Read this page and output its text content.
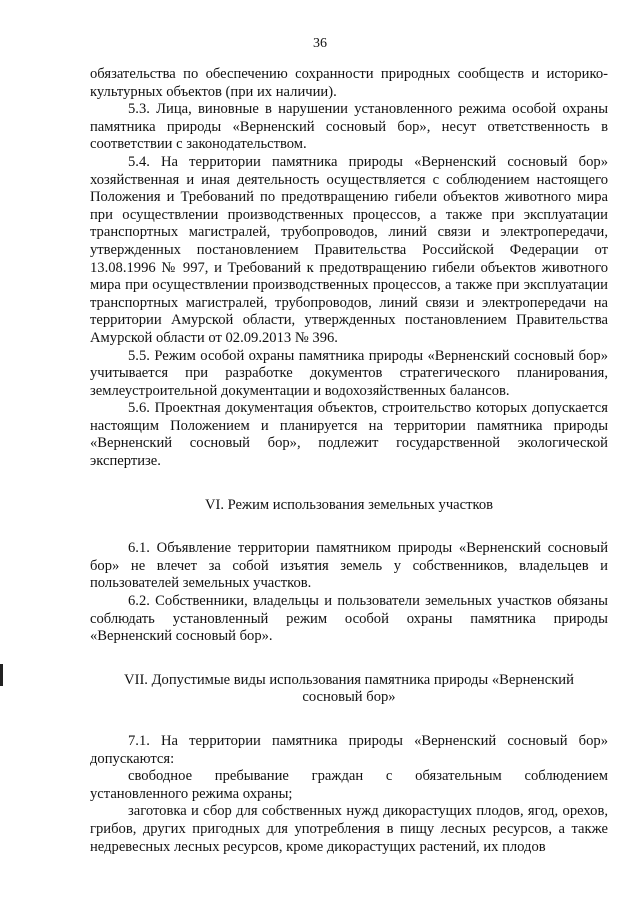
36

обязательства по обеспечению сохранности природных сообществ и историко-культурных объектов (при их наличии).

5.3. Лица, виновные в нарушении установленного режима особой охраны памятника природы «Верненский сосновый бор», несут ответственность в соответствии с законодательством.

5.4. На территории памятника природы «Верненский сосновый бор» хозяйственная и иная деятельность осуществляется с соблюдением настоящего Положения и Требований по предотвращению гибели объектов животного мира при осуществлении производственных процессов, а также при эксплуатации транспортных магистралей, трубопроводов, линий связи и электропередачи, утвержденных постановлением Правительства Российской Федерации от 13.08.1996 № 997, и Требований к предотвращению гибели объектов животного мира при осуществлении производственных процессов, а также при эксплуатации транспортных магистралей, трубопроводов, линий связи и электропередачи на территории Амурской области, утвержденных постановлением Правительства Амурской области от 02.09.2013 № 396.

5.5. Режим особой охраны памятника природы «Верненский сосновый бор» учитывается при разработке документов стратегического планирования, землеустроительной документации и водохозяйственных балансов.

5.6. Проектная документация объектов, строительство которых допускается настоящим Положением и планируется на территории памятника природы «Верненский сосновый бор», подлежит государственной экологической экспертизе.

VI. Режим использования земельных участков

6.1. Объявление территории памятником природы «Верненский сосновый бор» не влечет за собой изъятия земель у собственников, владельцев и пользователей земельных участков.

6.2. Собственники, владельцы и пользователи земельных участков обязаны соблюдать установленный режим особой охраны памятника природы «Верненский сосновый бор».

VII. Допустимые виды использования памятника природы «Верненский
сосновый бор»

7.1. На территории памятника природы «Верненский сосновый бор» допускаются:

свободное пребывание граждан с обязательным соблюдением установленного режима охраны;

заготовка и сбор для собственных нужд дикорастущих плодов, ягод, орехов, грибов, других пригодных для употребления в пищу лесных ресурсов, а также недревесных лесных ресурсов, кроме дикорастущих растений, их плодов
